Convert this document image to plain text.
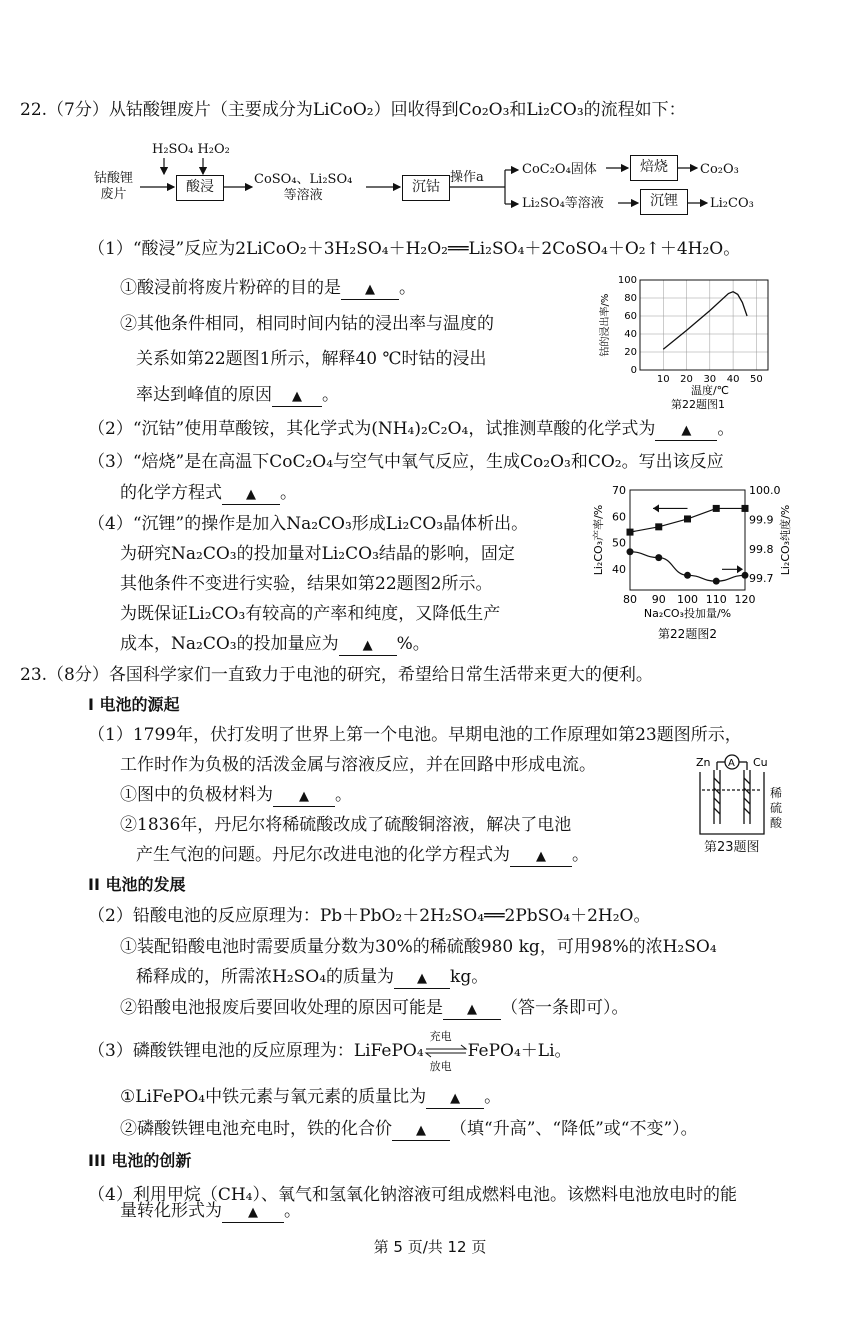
22.（7分）从钴酸锂废片（主要成分为LiCoO₂）回收得到Co₂O₃和Li₂CO₃的流程如下：
H₂SO₄ H₂O₂
钴酸锂
废片	酸浸	CoSO₄、Li₂SO₄
等溶液
沉钴
操作a
CoC₂O₄固体	焙烧	Co₂O₃
Li₂SO₄等溶液	沉锂	Li₂CO₃
（1）“酸浸”反应为2LiCoO₂＋3H₂SO₄＋H₂O₂══Li₂SO₄＋2CoSO₄＋O₂↑＋4H₂O。
①酸浸前将废片粉碎的目的是 ▲ 。
②其他条件相同，相同时间内钴的浸出率与温度的
关系如第22题图1所示，解释40 ℃时钴的浸出
率达到峰值的原因 ▲ 。
10 20 30 40 50
0
20
40
60
80
100
温度/℃
钴的浸出率/%
第22题图1
（2）“沉钴”使用草酸铵，其化学式为(NH₄)₂C₂O₄，试推测草酸的化学式为 ▲ 。
（3）“焙烧”是在高温下CoC₂O₄与空气中氧气反应，生成Co₂O₃和CO₂。写出该反应
的化学方程式 ▲ 。
（4）“沉锂”的操作是加入Na₂CO₃形成Li₂CO₃晶体析出。
为研究Na₂CO₃的投加量对Li₂CO₃结晶的影响，固定
其他条件不变进行实验，结果如第22题图2所示。
为既保证Li₂CO₃有较高的产率和纯度，又降低生产
成本，Na₂CO₃的投加量应为 ▲ %。
80 90 100 110 120
40
50
60
70
99.7
99.8
99.9
100.0
Na₂CO₃投加量/%
Li₂CO₃产率/%	Li₂CO₃纯度/%
第22题图2
23.（8分）各国科学家们一直致力于电池的研究，希望给日常生活带来更大的便利。
I 电池的源起
（1）1799年，伏打发明了世界上第一个电池。早期电池的工作原理如第23题图所示，
工作时作为负极的活泼金属与溶液反应，并在回路中形成电流。
①图中的负极材料为 ▲ 。
②1836年，丹尼尔将稀硫酸改成了硫酸铜溶液，解决了电池
产生气泡的问题。丹尼尔改进电池的化学方程式为 ▲ 。
Zn A Cu
稀
硫
酸
第23题图
II 电池的发展
（2）铅酸电池的反应原理为：Pb＋PbO₂＋2H₂SO₄══2PbSO₄＋2H₂O。
①装配铅酸电池时需要质量分数为30%的稀硫酸980 kg，可用98%的浓H₂SO₄
稀释成的，所需浓H₂SO₄的质量为 ▲ kg。
②铅酸电池报废后要回收处理的原因可能是 ▲ （答一条即可）。
（3）磷酸铁锂电池的反应原理为：LiFePO₄
充电
放电
FePO₄＋Li。
①LiFePO₄中铁元素与氧元素的质量比为 ▲ 。
②磷酸铁锂电池充电时，铁的化合价 ▲ （填“升高”、“降低”或“不变”）。
III 电池的创新
（4）利用甲烷（CH₄）、氧气和氢氧化钠溶液可组成燃料电池。该燃料电池放电时的能
量转化形式为 ▲ 。
第 5 页/共 12 页
